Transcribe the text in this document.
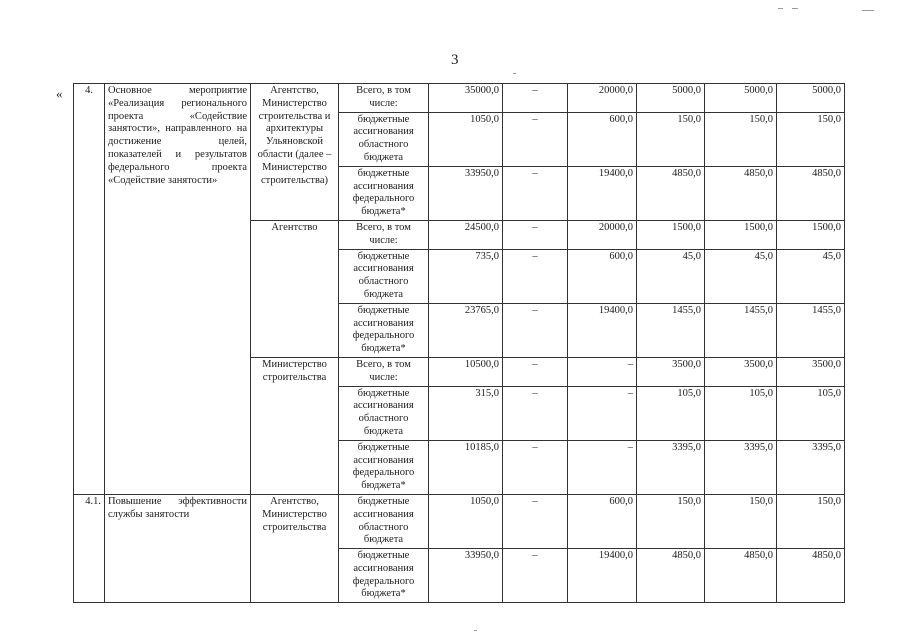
3
« 4.	Основное мероприятие «Реализация регионального проекта «Содействие занятости», направленного на достижение целей, показателей и результатов федерального проекта «Содействие занятости»	Агентство, Министерство строительства и архитектуры Ульяновской области (далее – Министерство строительства)	Всего, в том числе:	35000,0	–	20000,0	5000,0	5000,0	5000,0
			бюджетные ассигнования областного бюджета	1050,0	–	600,0	150,0	150,0	150,0
			бюджетные ассигнования федерального бюджета*	33950,0	–	19400,0	4850,0	4850,0	4850,0
		Агентство	Всего, в том числе:	24500,0	–	20000,0	1500,0	1500,0	1500,0
			бюджетные ассигнования областного бюджета	735,0	–	600,0	45,0	45,0	45,0
			бюджетные ассигнования федерального бюджета*	23765,0	–	19400,0	1455,0	1455,0	1455,0
		Министерство строительства	Всего, в том числе:	10500,0	–	–	3500,0	3500,0	3500,0
			бюджетные ассигнования областного бюджета	315,0	–	–	105,0	105,0	105,0
			бюджетные ассигнования федерального бюджета*	10185,0	–	–	3395,0	3395,0	3395,0
4.1.	Повышение эффективности службы занятости	Агентство, Министерство строительства	бюджетные ассигнования областного бюджета	1050,0	–	600,0	150,0	150,0	150,0
			бюджетные ассигнования федерального бюджета*	33950,0	–	19400,0	4850,0	4850,0	4850,0
